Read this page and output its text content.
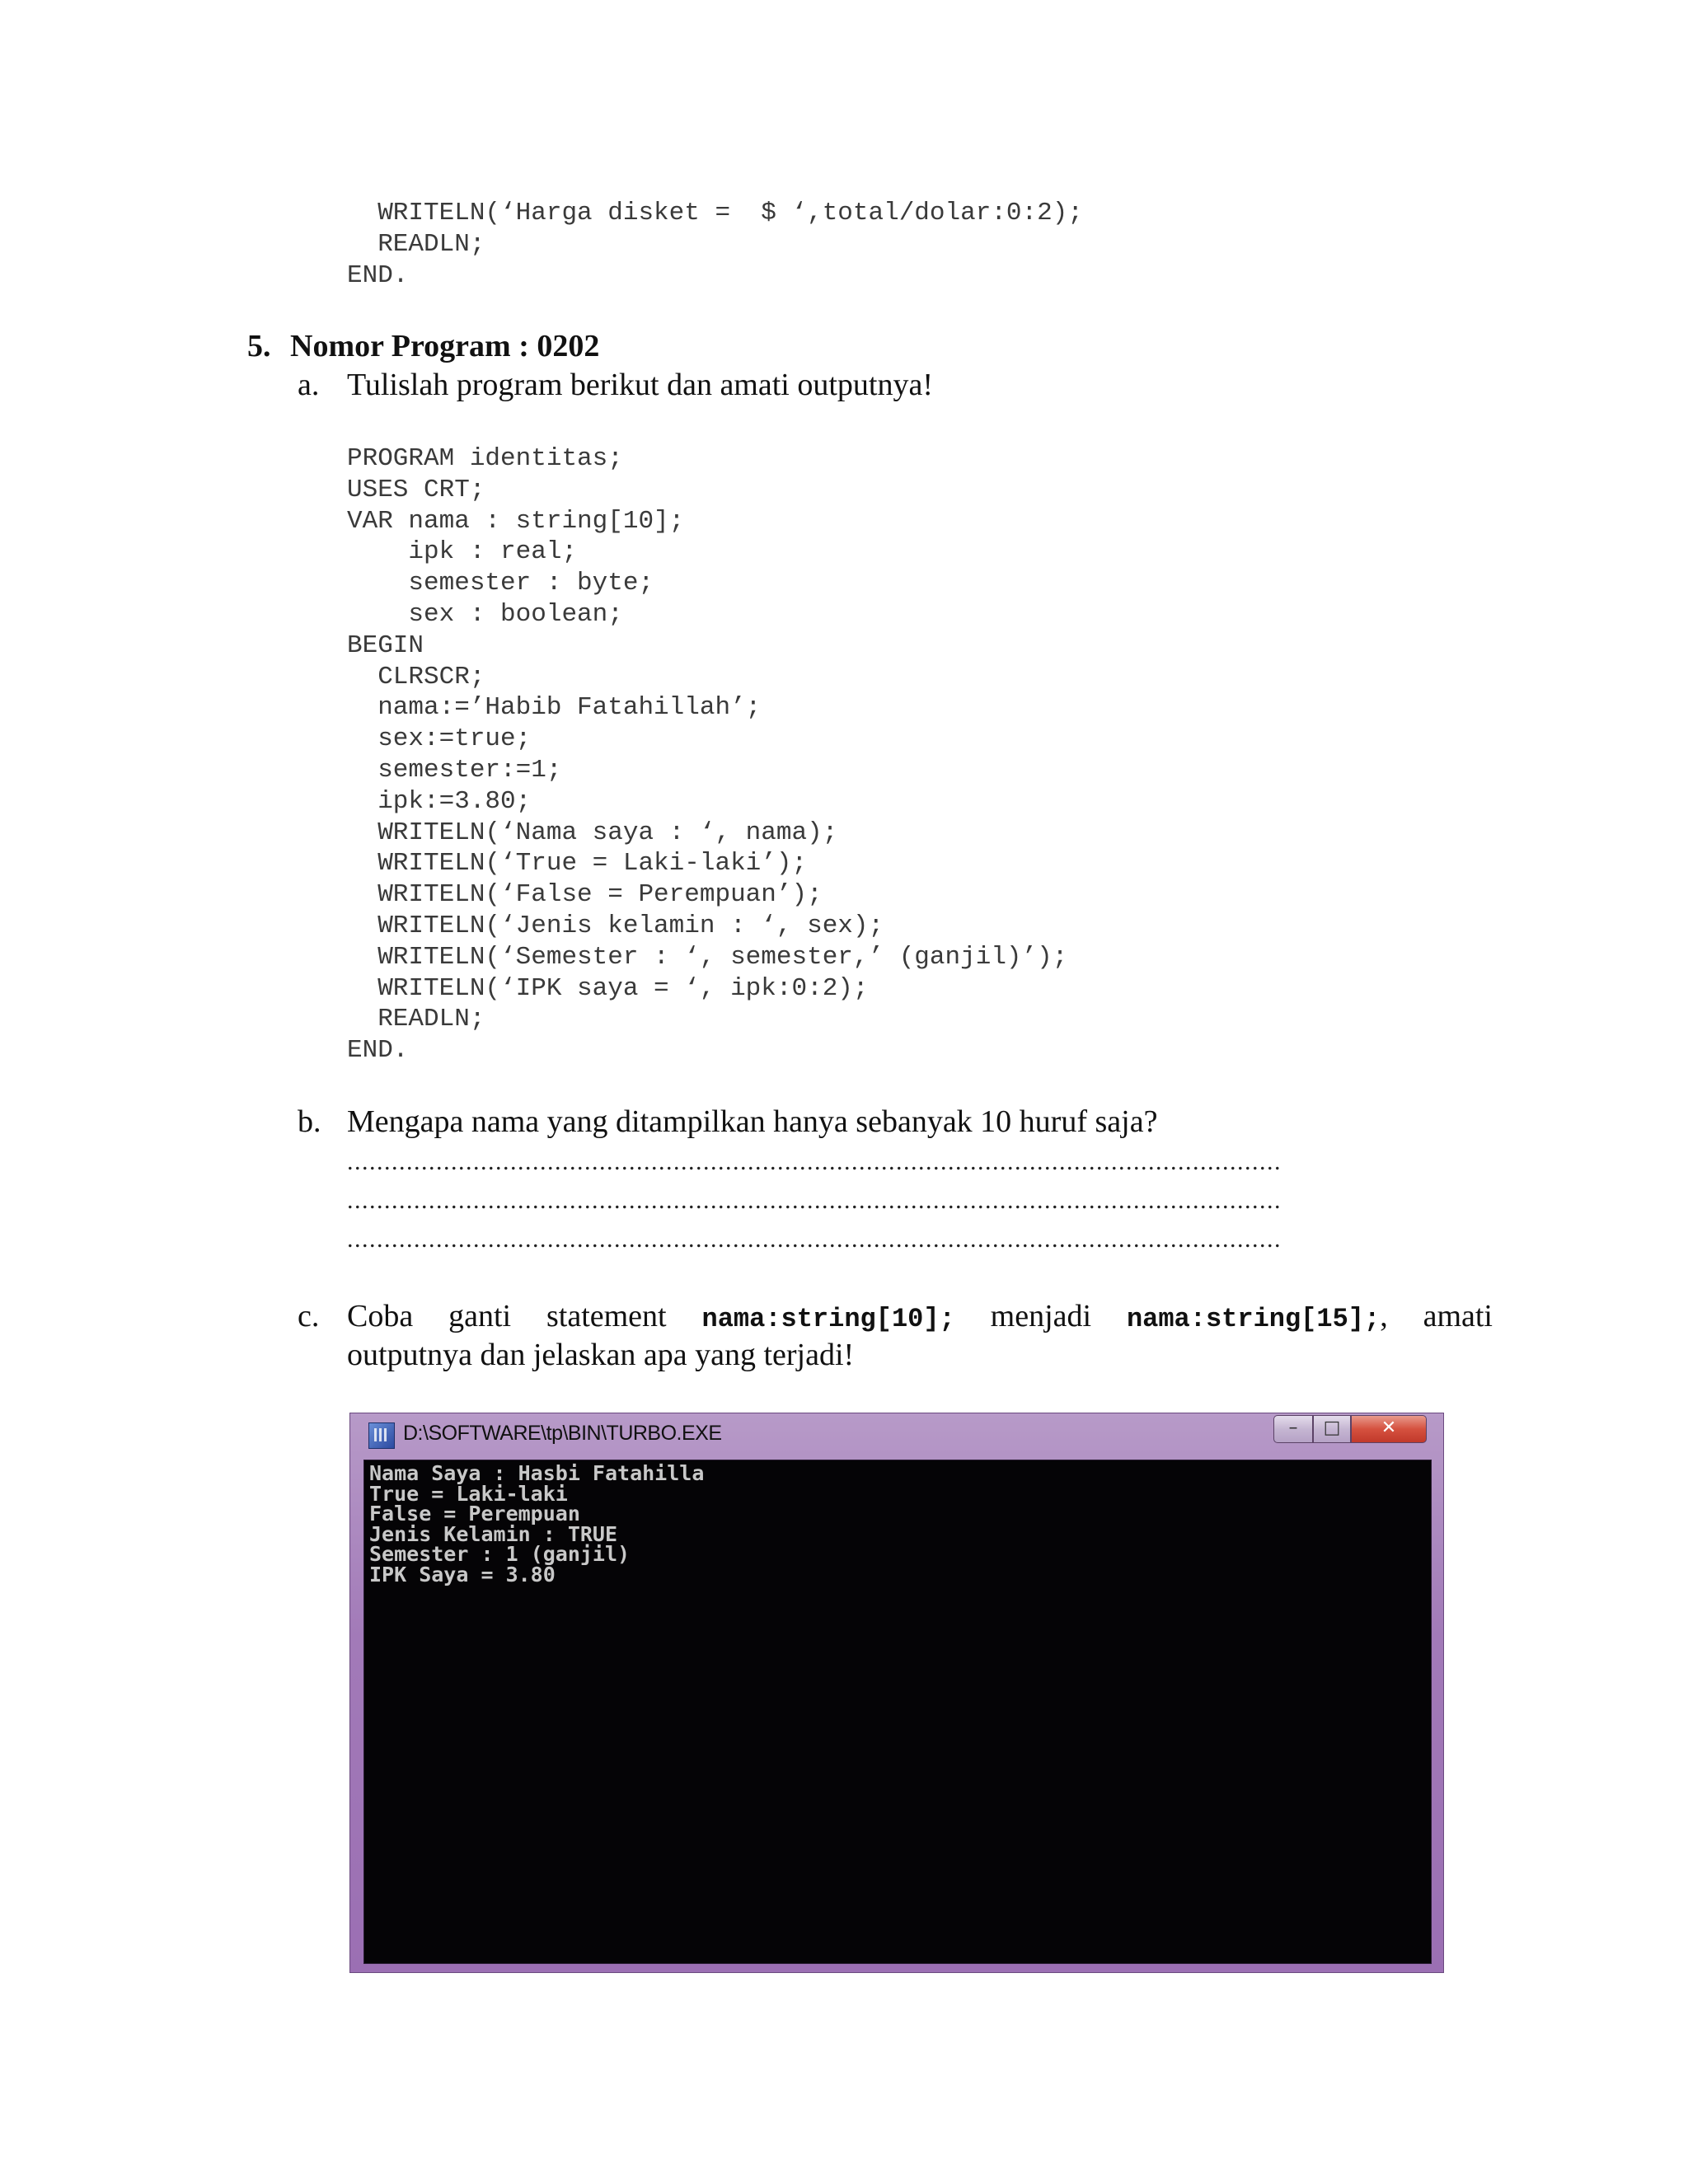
WRITELN(‘Harga disket =  $ ‘,total/dolar:0:2);
READLN;
END.
5. Nomor Program : 0202
a. Tulislah program berikut dan amati outputnya!
PROGRAM identitas;
USES CRT;
VAR nama : string[10];
ipk : real;
semester : byte;
sex : boolean;
BEGIN
CLRSCR;
nama:=’Habib Fatahillah’;
sex:=true;
semester:=1;
ipk:=3.80;
WRITELN(‘Nama saya : ‘, nama);
WRITELN(‘True = Laki-laki’);
WRITELN(‘False = Perempuan’);
WRITELN(‘Jenis kelamin : ‘, sex);
WRITELN(‘Semester : ‘, semester,’ (ganjil)’);
WRITELN(‘IPK saya = ‘, ipk:0:2);
READLN;
END.
b. Mengapa nama yang ditampilkan hanya sebanyak 10 huruf saja?
..............................................................................................................................
..............................................................................................................................
..............................................................................................................................
c. Coba ganti statement nama:string[10]; menjadi nama:string[15];, amati
outputnya dan jelaskan apa yang terjadi!
D:\SOFTWARE\tp\BIN\TURBO.EXE	–	□	✕
Nama Saya : Hasbi Fatahilla
True = Laki-laki
False = Perempuan
Jenis Kelamin : TRUE
Semester : 1 (ganjil)
IPK Saya = 3.80
